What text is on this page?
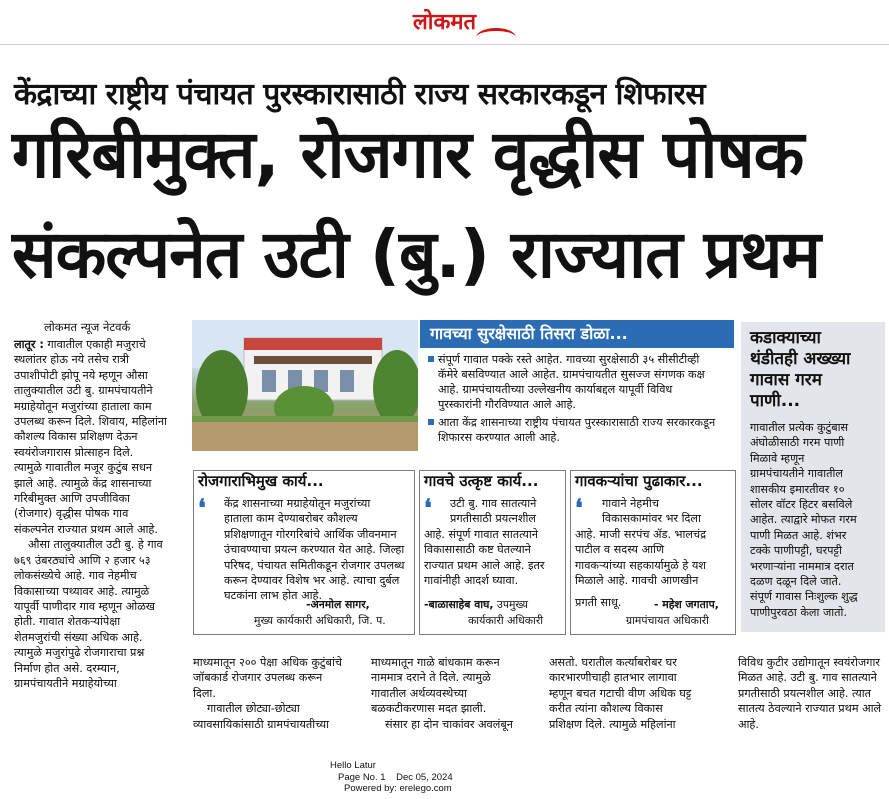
लोकमत
केंद्राच्या राष्ट्रीय पंचायत पुरस्कारासाठी राज्य सरकारकडून शिफारस
गरिबीमुक्त, रोजगार वृद्धीस पोषक
संकल्पनेत उटी (बु.) राज्यात प्रथम
लोकमत न्यूज नेटवर्क

लातूर : गावातील एकाही मजुराचे

स्थलांतर होऊ नये तसेच रात्री

उपाशीपोटी झोपू नये म्हणून औसा

तालुक्यातील उटी बु. ग्रामपंचायतीने

मग्राहेयोतून मजुरांच्या हाताला काम

उपलब्ध करून दिले. शिवाय, महिलांना

कौशल्य विकास प्रशिक्षण देऊन

स्वयंरोजगारास प्रोत्साहन दिले.

त्यामुळे गावातील मजूर कुटुंब सधन

झाले आहे. त्यामुळे केंद्र शासनाच्या

गरिबीमुक्त आणि उपजीविका

(रोजगार) वृद्धीस पोषक गाव

संकल्पनेत राज्यात प्रथम आले आहे.

औसा तालुक्यातील उटी बु. हे गाव

७६९ उंबरठ्यांचे आणि २ हजार ५३

लोकसंख्येचे आहे. गाव नेहमीच

विकासाच्या पथ्यावर आहे. त्यामुळे

यापूर्वी पाणीदार गाव म्हणून ओळख

होती. गावात शेतकऱ्यांपेक्षा

शेतमजुरांची संख्या अधिक आहे.

त्यामुळे मजुरांपुढे रोजगाराचा प्रश्न

निर्माण होत असे. दरम्यान,

ग्रामपंचायतीने मग्राहेयोच्या

गावच्या सुरक्षेसाठी तिसरा डोळा...
संपूर्ण गावात पक्के रस्ते आहेत. गावच्या सुरक्षेसाठी ३५ सीसीटीव्ही
कॅमेरे बसविण्यात आले आहेत. ग्रामपंचायतीत सुसज्ज संगणक कक्ष
आहे. ग्रामपंचायतीच्या उल्लेखनीय कार्याबद्दल यापूर्वी विविध
पुरस्कारांनी गौरविण्यात आले आहे.
आता केंद्र शासनाच्या राष्ट्रीय पंचायत पुरस्कारासाठी राज्य सरकारकडून
शिफारस करण्यात आली आहे.
कडाक्याच्या
थंडीतही अख्ख्या
गावास गरम
पाणी...

गावातील प्रत्येक कुटुंबास

अंघोळीसाठी गरम पाणी

मिळावे म्हणून

ग्रामपंचायतीने गावातील

शासकीय इमारतीवर १०

सोलर वॉटर हिटर बसविले

आहेत. त्याद्वारे मोफत गरम

पाणी मिळत आहे. शंभर

टक्के पाणीपट्टी, घरपट्टी

भरणाऱ्यांना नाममात्र दरात

दळण दळून दिले जाते.

संपूर्ण गावास निःशुल्क शुद्ध

पाणीपुरवठा केला जातो.

रोजगाराभिमुख कार्य...
❛ केंद्र शासनाच्या मग्राहेयोतून मजुरांच्या

हाताला काम देण्याबरोबर कौशल्य

प्रशिक्षणातून गोरगरिबांचे आर्थिक जीवनमान

उंचावण्याचा प्रयत्न करण्यात येत आहे. जिल्हा

परिषद, पंचायत समितीकडून रोजगार उपलब्ध

करून देण्यावर विशेष भर आहे. त्याचा दुर्बल

घटकांना लाभ होत आहे.

-अनमोल सागर,
मुख्य कार्यकारी अधिकारी, जि. प.
गावचे उत्कृष्ट कार्य...
❛ उटी बु. गाव सातत्याने

प्रगतीसाठी प्रयत्नशील

आहे. संपूर्ण गावात सातत्याने

विकासासाठी कष्ट घेतल्याने

राज्यात प्रथम आले आहे. इतर

गावांनीही आदर्श घ्यावा.

-बाळासाहेब वाघ, उपमुख्य
कार्यकारी अधिकारी
गावकऱ्यांचा पुढाकार...
❛ गावाने नेहमीच

विकासकामांवर भर दिला

आहे. माजी सरपंच ॲड. भालचंद्र

पाटील व सदस्य आणि

गावकऱ्यांच्या सहकार्यामुळे हे यश

मिळाले आहे. गावची आणखीन

प्रगती साधू.	- महेश जगताप,
ग्रामपंचायत अधिकारी

माध्यमातून २०० पेक्षा अधिक कुटुंबांचे

जॉबकार्ड रोजगार उपलब्ध करून

दिला.

गावातील छोट्या-छोट्या

व्यावसायिकांसाठी ग्रामपंचायतीच्या

माध्यमातून गाळे बांधकाम करून

नाममात्र दराने ते दिले. त्यामुळे

गावातील अर्थव्यवस्थेच्या

बळकटीकरणास मदत झाली.

संसार हा दोन चाकांवर अवलंबून

असतो. घरातील कर्त्याबरोबर घर

कारभारणीचाही हातभार लागावा

म्हणून बचत गटाची वीण अधिक घट्ट

करीत त्यांना कौशल्य विकास

प्रशिक्षण दिले. त्यामुळे महिलांना

विविध कुटीर उद्योगातून स्वयंरोजगार

मिळत आहे. उटी बु. गाव सातत्याने

प्रगतीसाठी प्रयत्नशील आहे. त्यात

सातत्य ठेवल्याने राज्यात प्रथम आले

आहे.

Hello Latur
Page No. 1 Dec 05, 2024
Powered by: erelego.com
